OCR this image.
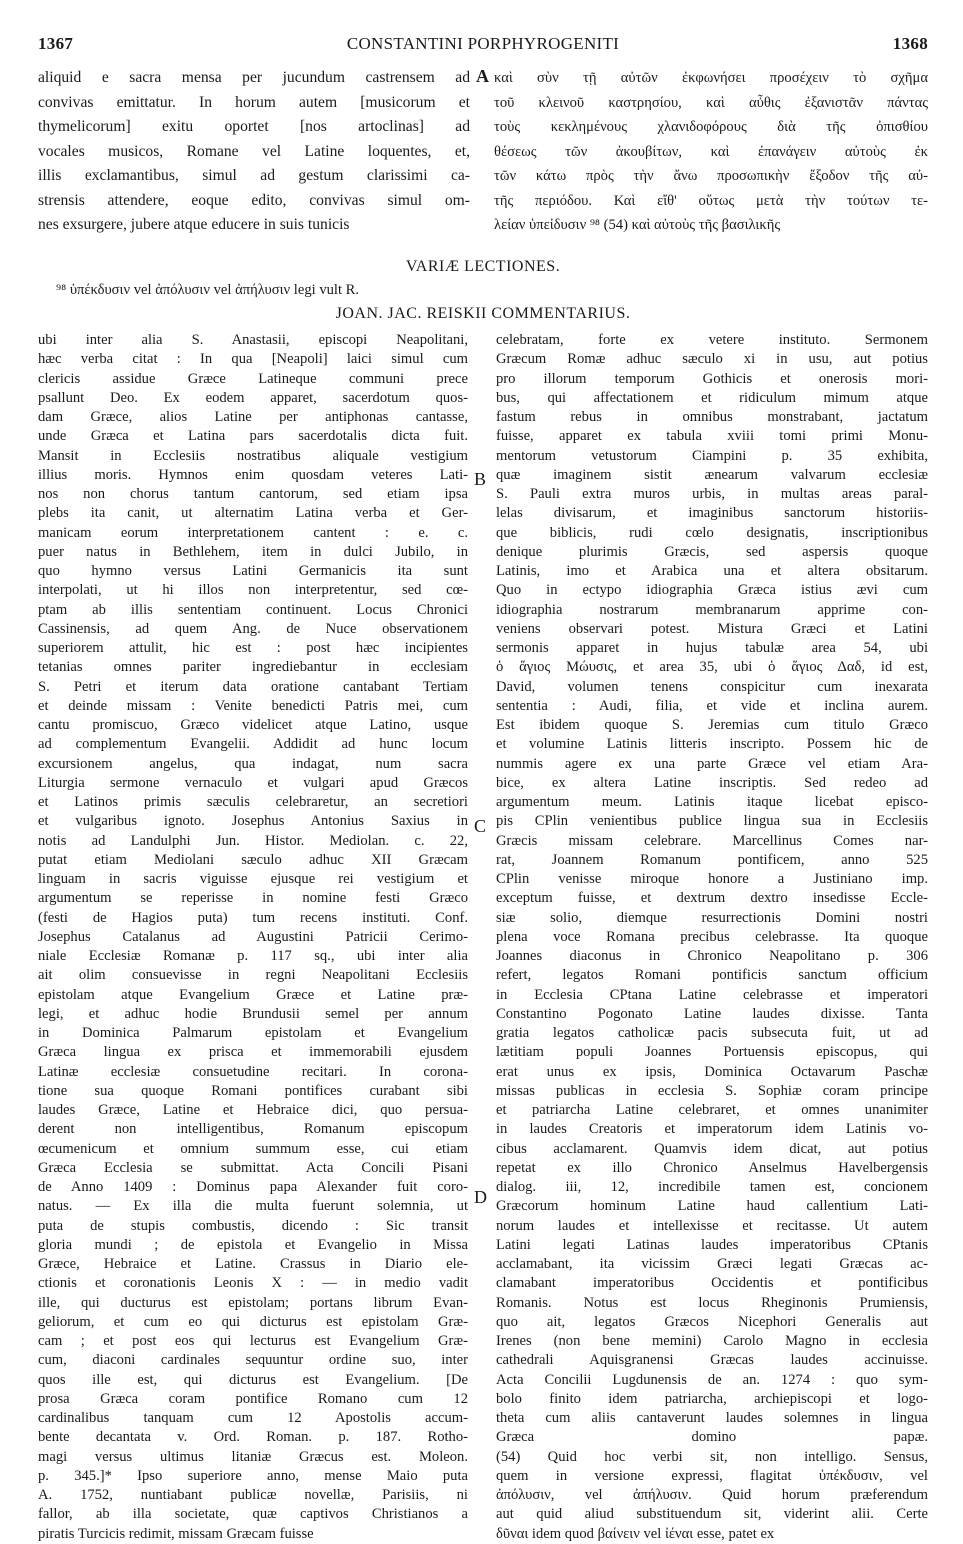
1367	CONSTANTINI PORPHYROGENITI	1368
aliquid e sacra mensa per jucundum castrensem ad
convivas emittatur. In horum autem [musicorum et
thymelicorum] exitu oportet [nos artoclinas] ad
vocales musicos, Romane vel Latine loquentes, et,
illis exclamantibus, simul ad gestum clarissimi ca-
strensis attendere, eoque edito, convivas simul om-
nes exsurgere, jubere atque educere in suis tunicis
A καὶ σὺν τῇ αὐτῶν ἐκφωνήσει προσέχειν τὸ σχῆμα
τοῦ κλεινοῦ καστρησίου, καὶ αὖθις ἐξανιστᾶν πάντας
τοὺς κεκλημένους χλανιδοφόρους διὰ τῆς ὀπισθίου
θέσεως τῶν ἀκουβίτων, καὶ ἐπανάγειν αὐτοὺς ἐκ
τῶν κάτω πρὸς τὴν ἄνω προσωπικὴν ἔξοδον τῆς αὐ-
τῆς περιόδου. Καὶ εἴθ' οὕτως μετὰ τὴν τούτων τε-
λείαν ὑπεἰδυσιν ⁹⁸ (54) καὶ αὐτοὺς τῆς βασιλικῆς
VARIÆ LECTIONES.
⁹⁸ ὑπέκδυσιν vel ἀπόλυσιν vel ἀπήλυσιν legi vult R.
JOAN. JAC. REISKII COMMENTARIUS.
ubi inter alia S. Anastasii, episcopi Neapolitani,
hæc verba citat : In qua [Neapoli] laici simul cum
clericis assidue Græce Latineque communi prece
psallunt Deo. Ex eodem apparet, sacerdotum quos-
dam Græce, alios Latine per antiphonas cantasse,
unde Græca et Latina pars sacerdotalis dicta fuit.
Mansit in Ecclesiis nostratibus aliquale vestigium
illius moris. Hymnos enim quosdam veteres Lati-
nos non chorus tantum cantorum, sed etiam ipsa
plebs ita canit, ut alternatim Latina verba et Ger-
manicam eorum interpretationem cantent : e. c.
puer natus in Bethlehem, item in dulci Jubilo, in
quo hymno versus Latini Germanicis ita sunt
interpolati, ut hi illos non interpretentur, sed cœ-
ptam ab illis sententiam continuent. Locus Chronici
Cassinensis, ad quem Ang. de Nuce observationem
superiorem attulit, hic est : post hæc incipientes
tetanias omnes pariter ingrediebantur in ecclesiam
S. Petri et iterum data oratione cantabant Tertiam
et deinde missam : Venite benedicti Patris mei, cum
cantu promiscuo, Græco videlicet atque Latino, usque
ad complementum Evangelii. Addidit ad hunc locum
excursionem angelus, qua indagat, num sacra
Liturgia sermone vernaculo et vulgari apud Græcos
et Latinos primis sæculis celebraretur, an secretiori
et vulgaribus ignoto. Josephus Antonius Saxius in
notis ad Landulphi Jun. Histor. Mediolan. c. 22,
putat etiam Mediolani sæculo adhuc XII Græcam
linguam in sacris viguisse ejusque rei vestigium et
argumentum se reperisse in nomine festi Græco
(festi de Hagios puta) tum recens instituti. Conf.
Josephus Catalanus ad Augustini Patricii Cerimo-
niale Ecclesiæ Romanæ p. 117 sq., ubi inter alia
ait olim consuevisse in regni Neapolitani Ecclesiis
epistolam atque Evangelium Græce et Latine præ-
legi, et adhuc hodie Brundusii semel per annum
in Dominica Palmarum epistolam et Evangelium
Græca lingua ex prisca et immemorabili ejusdem
Latinæ ecclesiæ consuetudine recitari. In corona-
tione sua quoque Romani pontifices curabant sibi
laudes Græce, Latine et Hebraice dici, quo persua-
derent non intelligentibus, Romanum episcopum
œcumenicum et omnium summum esse, cui etiam
Græca Ecclesia se submittat. Acta Concili Pisani
de Anno 1409 : Dominus papa Alexander fuit coro-
natus. — Ex illa die multa fuerunt solemnia, ut
puta de stupis combustis, dicendo : Sic transit
gloria mundi ; de epistola et Evangelio in Missa
Græce, Hebraice et Latine. Crassus in Diario ele-
ctionis et coronationis Leonis X : — in medio vadit
ille, qui ducturus est epistolam; portans librum Evan-
geliorum, et cum eo qui dicturus est epistolam Græ-
cam ; et post eos qui lecturus est Evangelium Græ-
cum, diaconi cardinales sequuntur ordine suo, inter
quos ille est, qui dicturus est Evangelium. [De
prosa Græca coram pontifice Romano cum 12
cardinalibus tanquam cum 12 Apostolis accum-
bente decantata v. Ord. Roman. p. 187. Rotho-
magi versus ultimus litaniæ Græcus est. Moleon.
p. 345.]* Ipso superiore anno, mense Maio puta
A. 1752, nuntiabant publicæ novellæ, Parisiis, ni
fallor, ab illa societate, quæ captivos Christianos a
piratis Turcicis redimit, missam Græcam fuisse
B
C
D
celebratam, forte ex vetere instituto. Sermonem
Græcum Romæ adhuc sæculo xi in usu, aut potius
pro illorum temporum Gothicis et onerosis mori-
bus, qui affectationem et ridiculum mimum atque
fastum rebus in omnibus monstrabant, jactatum
fuisse, apparet ex tabula xviii tomi primi Monu-
mentorum vetustorum Ciampini p. 35 exhibita,
quæ imaginem sistit ænearum valvarum ecclesiæ
S. Pauli extra muros urbis, in multas areas paral-
lelas divisarum, et imaginibus sanctorum historiis-
que biblicis, rudi cœlo designatis, inscriptionibus
denique plurimis Græcis, sed aspersis quoque
Latinis, imo et Arabica una et altera obsitarum.
Quo in ectypo idiographia Græca istius ævi cum
idiographia nostrarum membranarum apprime con-
veniens observari potest. Mistura Græci et Latini
sermonis apparet in hujus tabulæ area 54, ubi
ὁ ἅγιος Μώυσις, et area 35, ubi ὁ ἅγιος Δαδ, id est,
David, volumen tenens conspicitur cum inexarata
sententia : Audi, filia, et vide et inclina aurem.
Est ibidem quoque S. Jeremias cum titulo Græco
et volumine Latinis litteris inscripto. Possem hic de
nummis agere ex una parte Græce vel etiam Ara-
bice, ex altera Latine inscriptis. Sed redeo ad
argumentum meum. Latinis itaque licebat episco-
pis CPlin venientibus publice lingua sua in Ecclesiis
Græcis missam celebrare. Marcellinus Comes nar-
rat, Joannem Romanum pontificem, anno 525
CPlin venisse miroque honore a Justiniano imp.
exceptum fuisse, et dextrum dextro insedisse Eccle-
siæ solio, diemque resurrectionis Domini nostri
plena voce Romana precibus celebrasse. Ita quoque
Joannes diaconus in Chronico Neapolitano p. 306
refert, legatos Romani pontificis sanctum officium
in Ecclesia CPtana Latine celebrasse et imperatori
Constantino Pogonato Latine laudes dixisse. Tanta
gratia legatos catholicæ pacis subsecuta fuit, ut ad
lætitiam populi Joannes Portuensis episcopus, qui
erat unus ex ipsis, Dominica Octavarum Paschæ
missas publicas in ecclesia S. Sophiæ coram principe
et patriarcha Latine celebraret, et omnes unanimiter
in laudes Creatoris et imperatorum idem Latinis vo-
cibus acclamarent. Quamvis idem dicat, aut potius
repetat ex illo Chronico Anselmus Havelbergensis
dialog. iii, 12, incredibile tamen est, concionem
Græcorum hominum Latine haud callentium Lati-
norum laudes et intellexisse et recitasse. Ut autem
Latini legati Latinas laudes imperatoribus CPtanis
acclamabant, ita vicissim Græci legati Græcas ac-
clamabant imperatoribus Occidentis et pontificibus
Romanis. Notus est locus Rheginonis Prumiensis,
quo ait, legatos Græcos Nicephori Generalis aut
Irenes (non bene memini) Carolo Magno in ecclesia
cathedrali Aquisgranensi Græcas laudes accinuisse.
Acta Concilii Lugdunensis de an. 1274 : quo sym-
bolo finito idem patriarcha, archiepiscopi et logo-
theta cum aliis cantaverunt laudes solemnes in lingua
Græca domino papæ.
(54) Quid hoc verbi sit, non intelligo. Sensus,
quem in versione expressi, flagitat ὑπέκδυσιν, vel
ἀπόλυσιν, vel ἀπήλυσιν. Quid horum præferendum
aut quid aliud substituendum sit, viderint alii. Certe
δῦναι idem quod βαίνειν vel ἰέναι esse, patet ex
